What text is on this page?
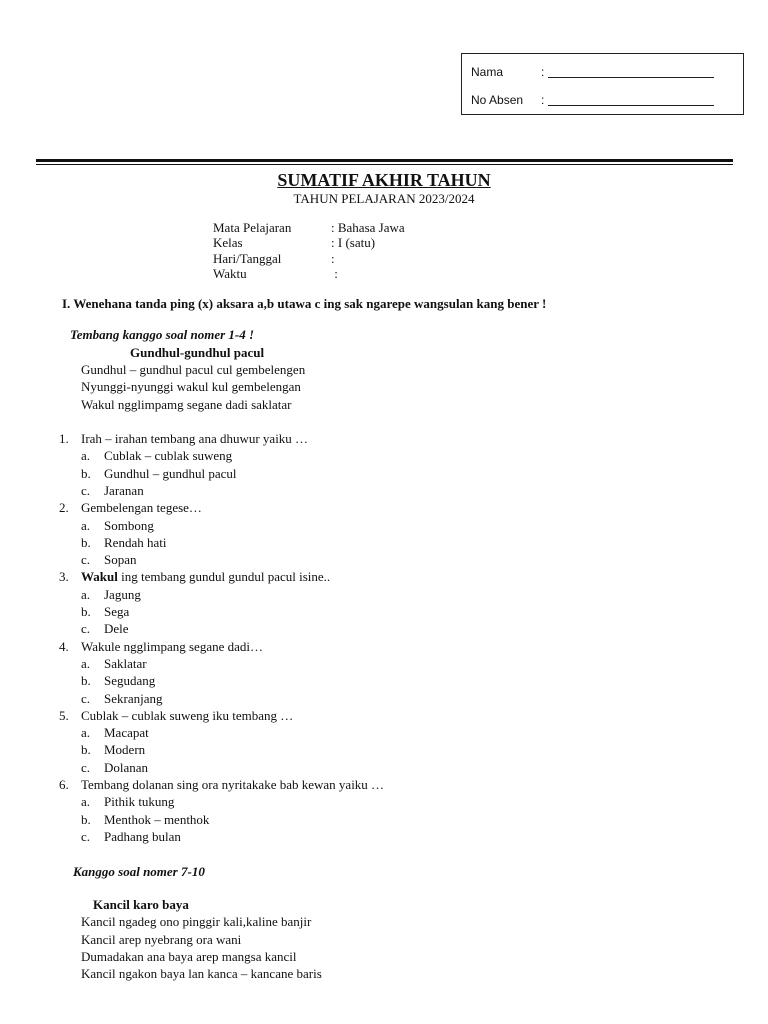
Nama	:
No Absen :
SUMATIF AKHIR TAHUN
TAHUN PELAJARAN 2023/2024
Mata Pelajaran	: Bahasa Jawa
Kelas	: I (satu)
Hari/Tanggal	:
Waktu	:
I. Wenehana tanda ping (x) aksara a,b utawa c ing sak ngarepe wangsulan kang bener !
Tembang kanggo soal nomer 1-4 !
Gundhul-gundhul pacul
Gundhul – gundhul pacul cul gembelengen
Nyunggi-nyunggi wakul kul gembelengan
Wakul ngglimpamg segane dadi saklatar
1. Irah – irahan tembang ana dhuwur yaiku …
a. Cublak – cublak suweng
b. Gundhul – gundhul pacul
c. Jaranan
2. Gembelengan tegese…
a. Sombong
b. Rendah hati
c. Sopan
3. Wakul ing tembang gundul gundul pacul isine..
a. Jagung
b. Sega
c. Dele
4. Wakule ngglimpang segane dadi…
a. Saklatar
b. Segudang
c. Sekranjang
5. Cublak – cublak suweng iku tembang …
a. Macapat
b. Modern
c. Dolanan
6. Tembang dolanan sing ora nyritakake bab kewan yaiku …
a. Pithik tukung
b. Menthok – menthok
c. Padhang bulan
Kanggo soal nomer 7-10
Kancil karo baya
Kancil ngadeg ono pinggir kali,kaline banjir
Kancil arep nyebrang ora wani
Dumadakan ana baya arep mangsa kancil
Kancil ngakon baya lan kanca – kancane baris
